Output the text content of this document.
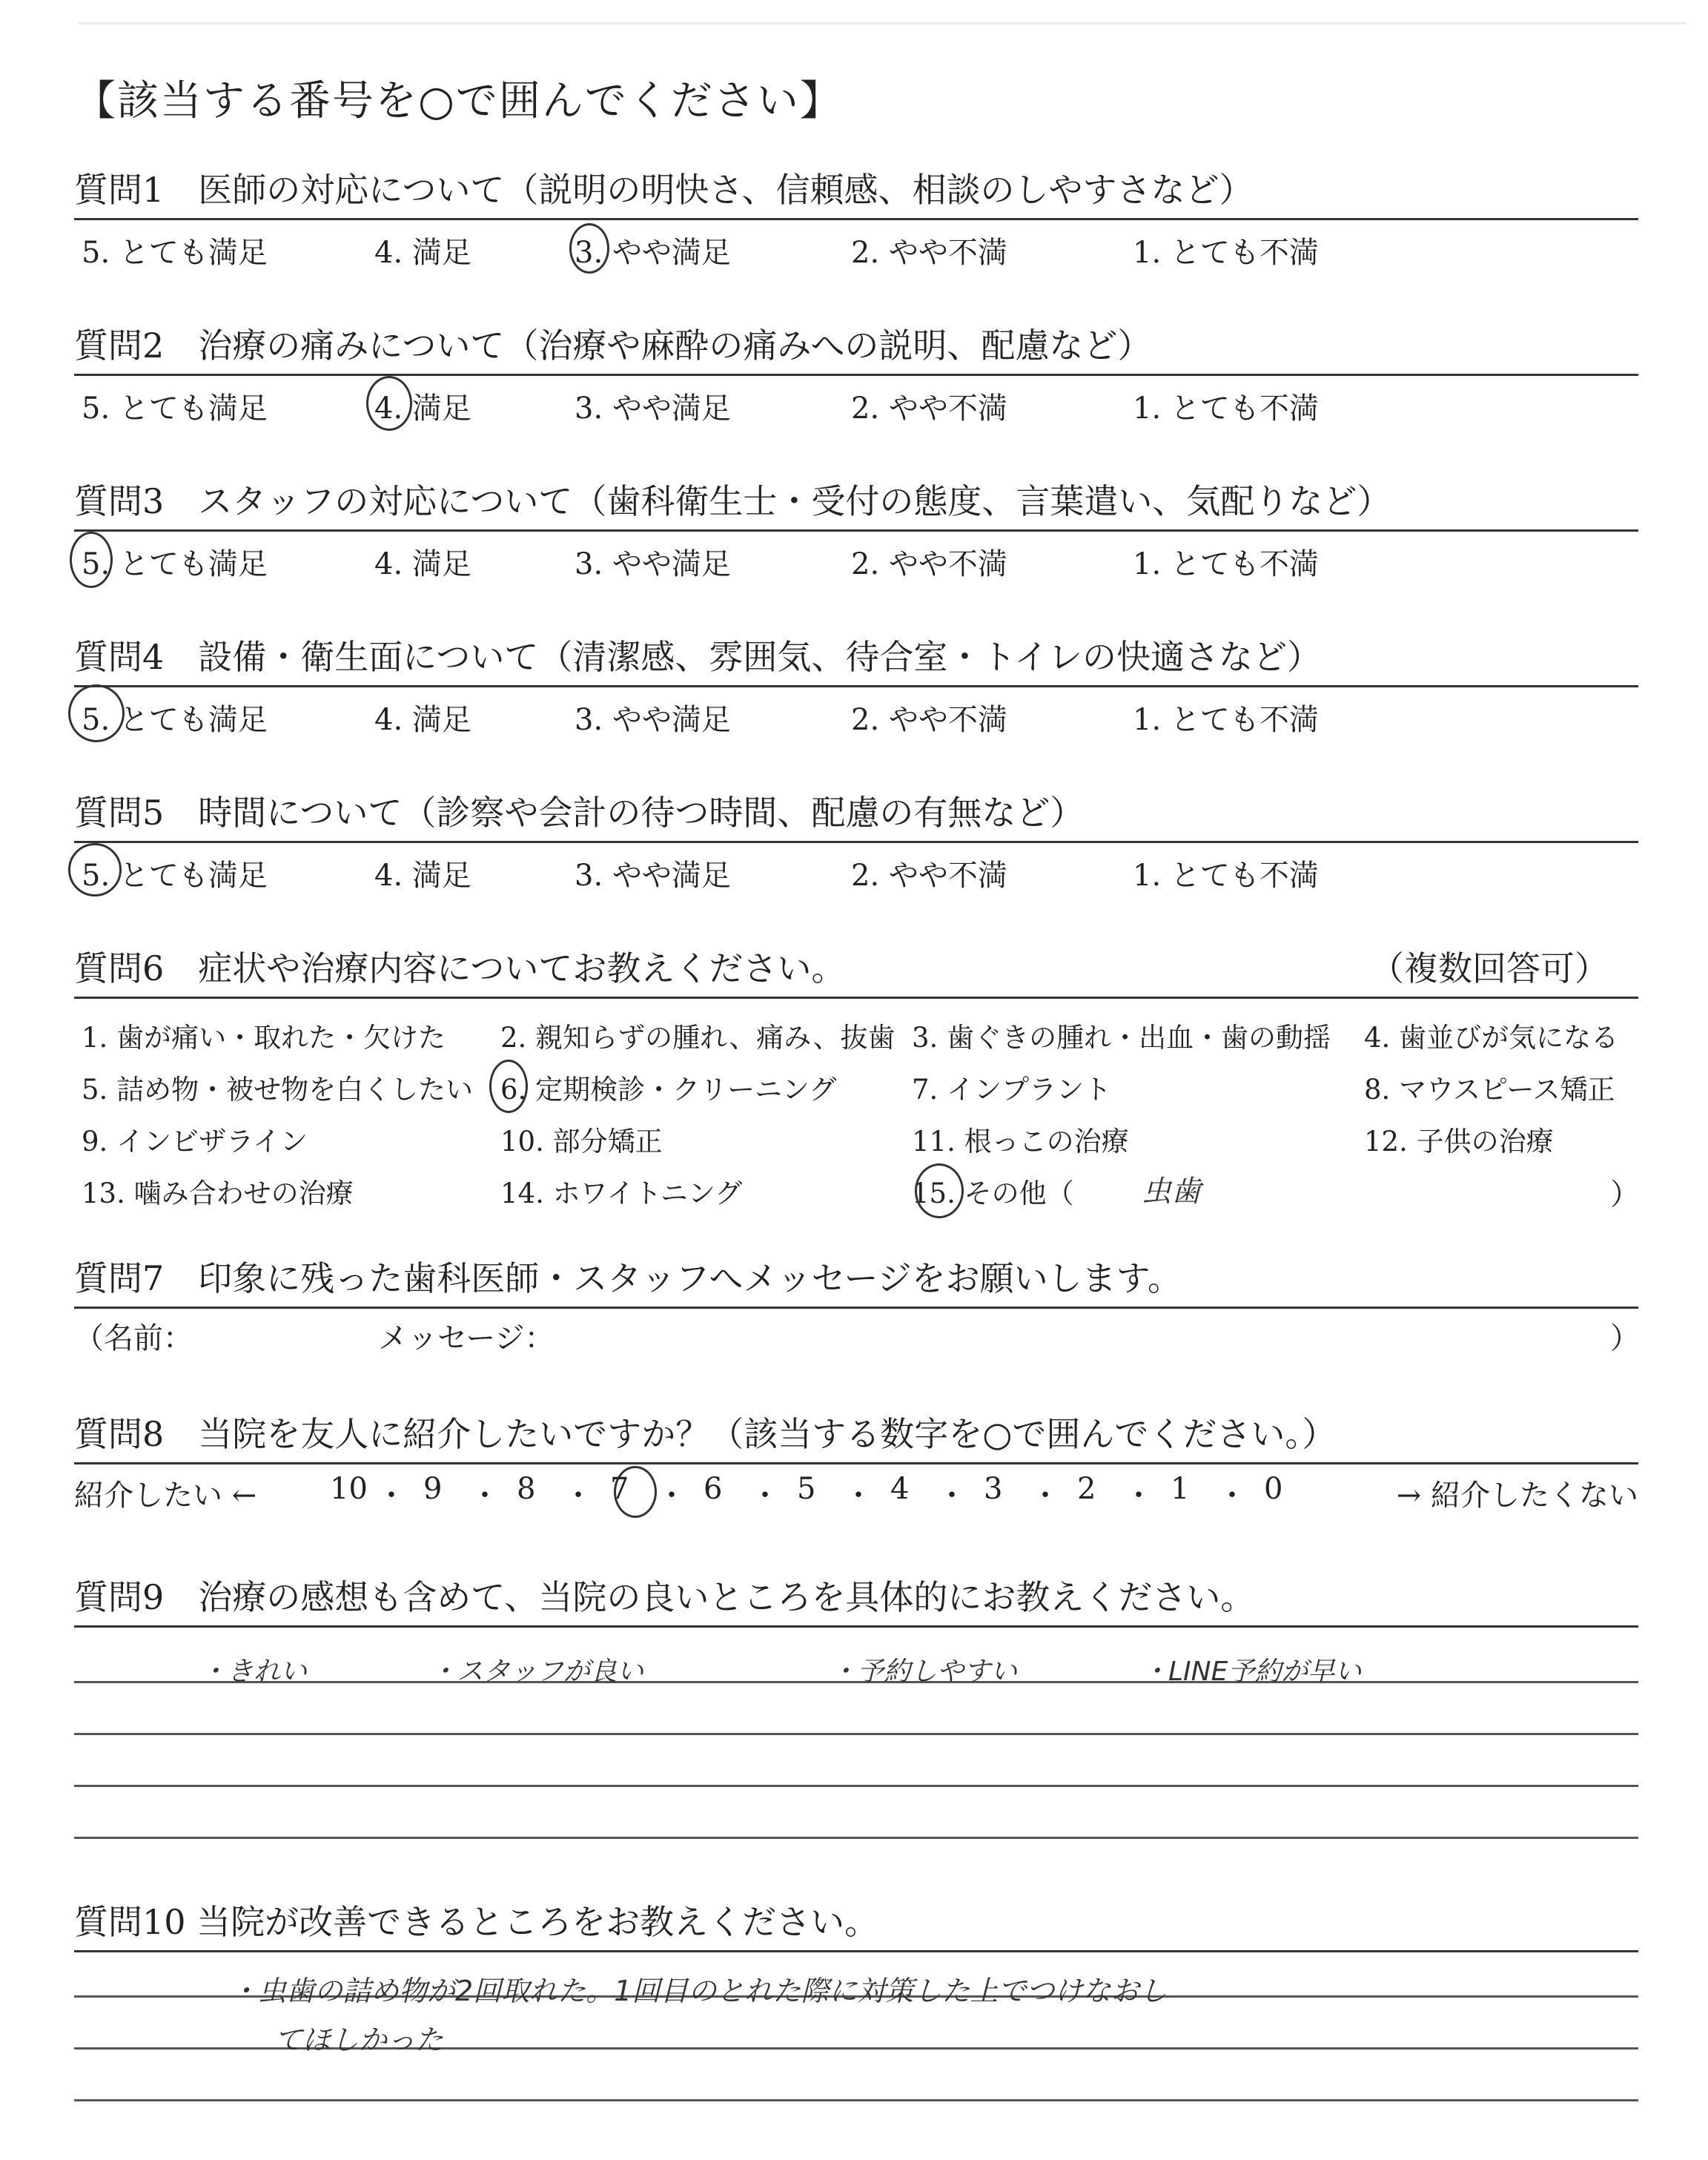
【該当する番号を○で囲んでください】
質問1　医師の対応について（説明の明快さ、信頼感、相談のしやすさなど）
5. とても満足	4. 満足	3. やや満足	2. やや不満	1. とても不満
質問2　治療の痛みについて（治療や麻酔の痛みへの説明、配慮など）
5. とても満足	4. 満足	3. やや満足	2. やや不満	1. とても不満
質問3　スタッフの対応について（歯科衛生士・受付の態度、言葉遣い、気配りなど）
5. とても満足	4. 満足	3. やや満足	2. やや不満	1. とても不満
質問4　設備・衛生面について（清潔感、雰囲気、待合室・トイレの快適さなど）
5. とても満足	4. 満足	3. やや満足	2. やや不満	1. とても不満
質問5　時間について（診察や会計の待つ時間、配慮の有無など）
5. とても満足	4. 満足	3. やや満足	2. やや不満	1. とても不満
質問6　症状や治療内容についてお教えください。	（複数回答可）
1. 歯が痛い・取れた・欠けた 2. 親知らずの腫れ、痛み、抜歯 3. 歯ぐきの腫れ・出血・歯の動揺 4. 歯並びが気になる
5. 詰め物・被せ物を白くしたい 6. 定期検診・クリーニング	7. インプラント	8. マウスピース矯正
9. インビザライン	10. 部分矯正	11. 根っこの治療	12. 子供の治療
13. 噛み合わせの治療	14. ホワイトニング	15. その他（ 虫歯	）
質問7　印象に残った歯科医師・スタッフへメッセージをお願いします。
（名前：	メッセージ：	）
質問8　当院を友人に紹介したいですか？（該当する数字を○で囲んでください。）
紹介したい ←	→ 紹介したくない
10 ・ 9 ・ 8 ・ 7 ・ 6 ・ 5 ・ 4 ・ 3 ・ 2 ・ 1 ・ 0
質問9　治療の感想も含めて、当院の良いところを具体的にお教えください。
・きれい	・スタッフが良い	・予約しやすい	・LINE予約が早い
質問10 当院が改善できるところをお教えください。
・虫歯の詰め物が2回取れた。1回目のとれた際に対策した上でつけなおし
てほしかった
